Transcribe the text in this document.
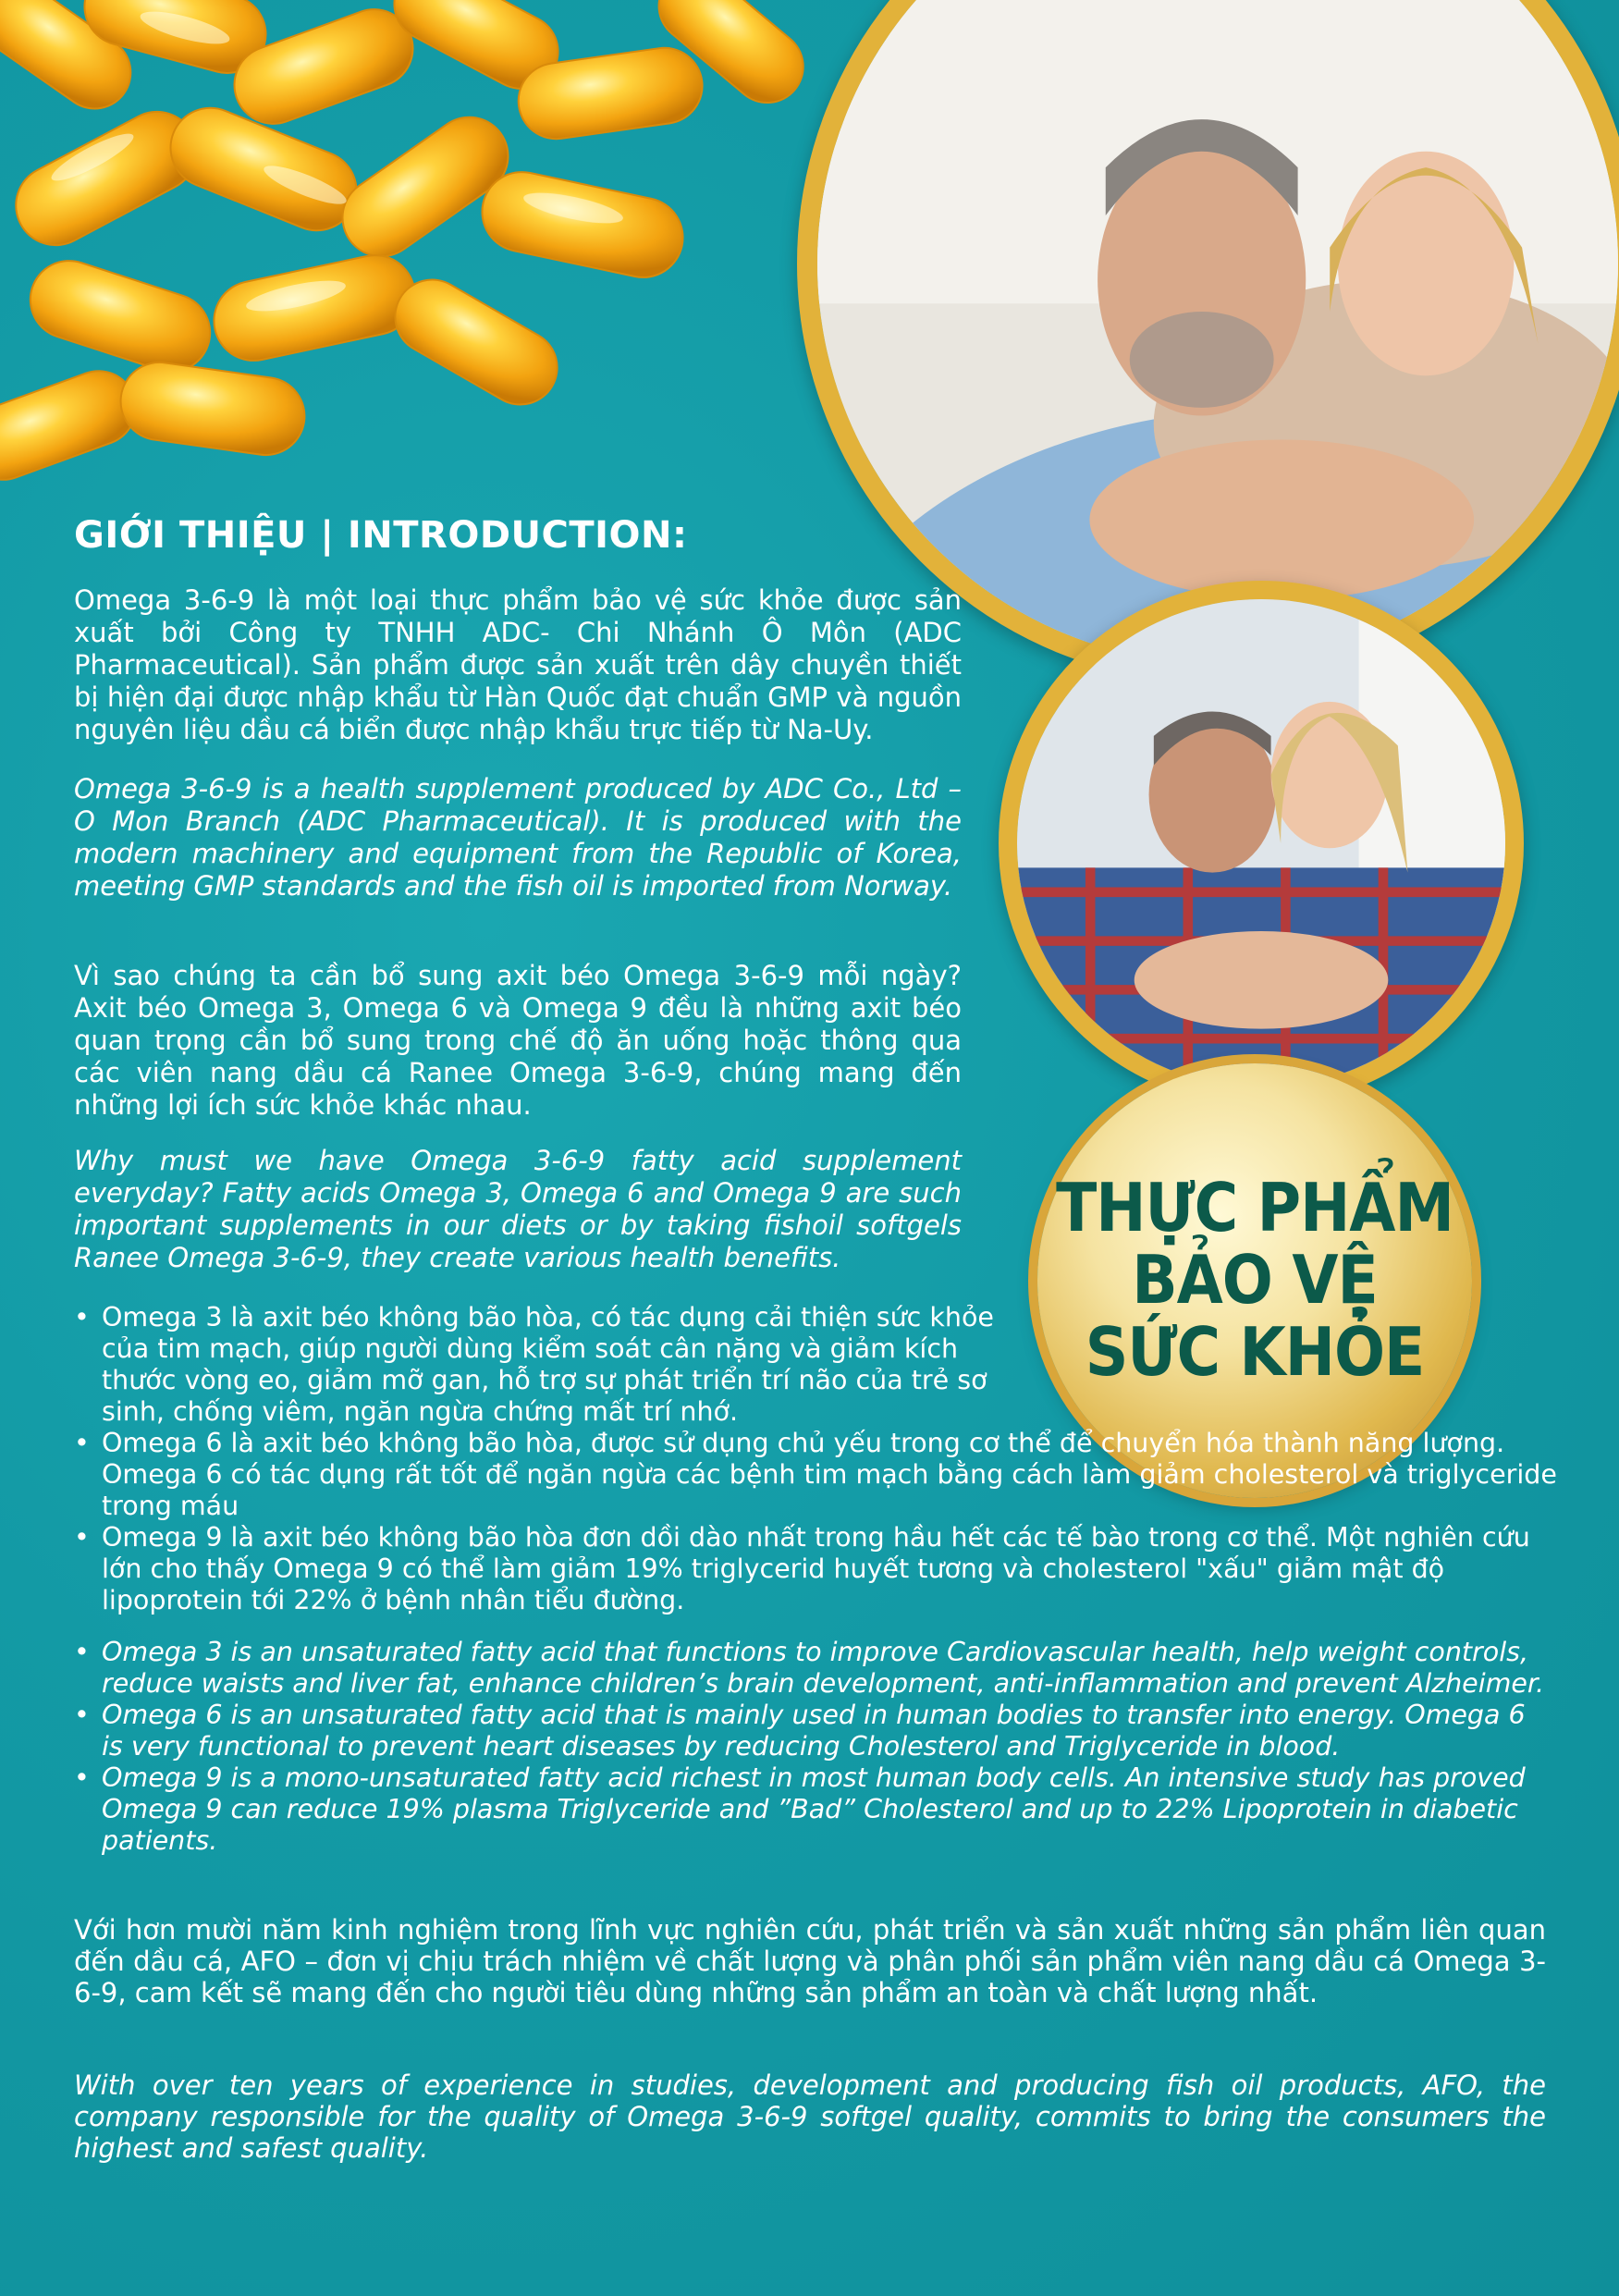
THỰC PHẨM
BẢO VỆ
SỨC KHỎE
GIỚI THIỆU | INTRODUCTION:

Omega 3-6-9 là một loại thực phẩm bảo vệ sức khỏe được sản xuất bởi Công ty TNHH ADC- Chi Nhánh Ô Môn (ADC Pharmaceutical). Sản phẩm được sản xuất trên dây chuyền thiết bị hiện đại được nhập khẩu từ Hàn Quốc đạt chuẩn GMP và nguồn nguyên liệu dầu cá biển được nhập khẩu trực tiếp từ Na-Uy.

Omega 3-6-9 is a health supplement produced by ADC Co., Ltd – O Mon Branch (ADC Pharmaceutical). It is produced with the modern machinery and equipment from the Republic of Korea, meeting GMP standards and the fish oil is imported from Norway.

Vì sao chúng ta cần bổ sung axit béo Omega 3-6-9 mỗi ngày? Axit béo Omega 3, Omega 6 và Omega 9 đều là những axit béo quan trọng cần bổ sung trong chế độ ăn uống hoặc thông qua các viên nang dầu cá Ranee Omega 3-6-9, chúng mang đến những lợi ích sức khỏe khác nhau.

Why must we have Omega 3-6-9 fatty acid supplement everyday? Fatty acids Omega 3, Omega 6 and Omega 9 are such important supplements in our diets or by taking fishoil softgels Ranee Omega 3-6-9, they create various health benefits.

• Omega 3 là axit béo không bão hòa, có tác dụng cải thiện sức khỏe của tim mạch, giúp người dùng kiểm soát cân nặng và giảm kích thước vòng eo, giảm mỡ gan, hỗ trợ sự phát triển trí não của trẻ sơ sinh, chống viêm, ngăn ngừa chứng mất trí nhớ.
• Omega 6 là axit béo không bão hòa, được sử dụng chủ yếu trong cơ thể để chuyển hóa thành năng lượng. Omega 6 có tác dụng rất tốt để ngăn ngừa các bệnh tim mạch bằng cách làm giảm cholesterol và triglyceride trong máu
• Omega 9 là axit béo không bão hòa đơn dồi dào nhất trong hầu hết các tế bào trong cơ thể. Một nghiên cứu lớn cho thấy Omega 9 có thể làm giảm 19% triglycerid huyết tương và cholesterol "xấu" giảm mật độ lipoprotein tới 22% ở bệnh nhân tiểu đường.
• Omega 3 is an unsaturated fatty acid that functions to improve Cardiovascular health, help weight controls, reduce waists and liver fat, enhance children’s brain development, anti-inflammation and prevent Alzheimer.
• Omega 6 is an unsaturated fatty acid that is mainly used in human bodies to transfer into energy. Omega 6 is very functional to prevent heart diseases by reducing Cholesterol and Triglyceride in blood.
• Omega 9 is a mono-unsaturated fatty acid richest in most human body cells. An intensive study has proved Omega 9 can reduce 19% plasma Triglyceride and ”Bad” Cholesterol and up to 22% Lipoprotein in diabetic patients.

Với hơn mười năm kinh nghiệm trong lĩnh vực nghiên cứu, phát triển và sản xuất những sản phẩm liên quan đến dầu cá, AFO – đơn vị chịu trách nhiệm về chất lượng và phân phối sản phẩm viên nang dầu cá Omega 3-6-9, cam kết sẽ mang đến cho người tiêu dùng những sản phẩm an toàn và chất lượng nhất.

With over ten years of experience in studies, development and producing fish oil products, AFO, the company responsible for the quality of Omega 3-6-9 softgel quality, commits to bring the consumers the highest and safest quality.
